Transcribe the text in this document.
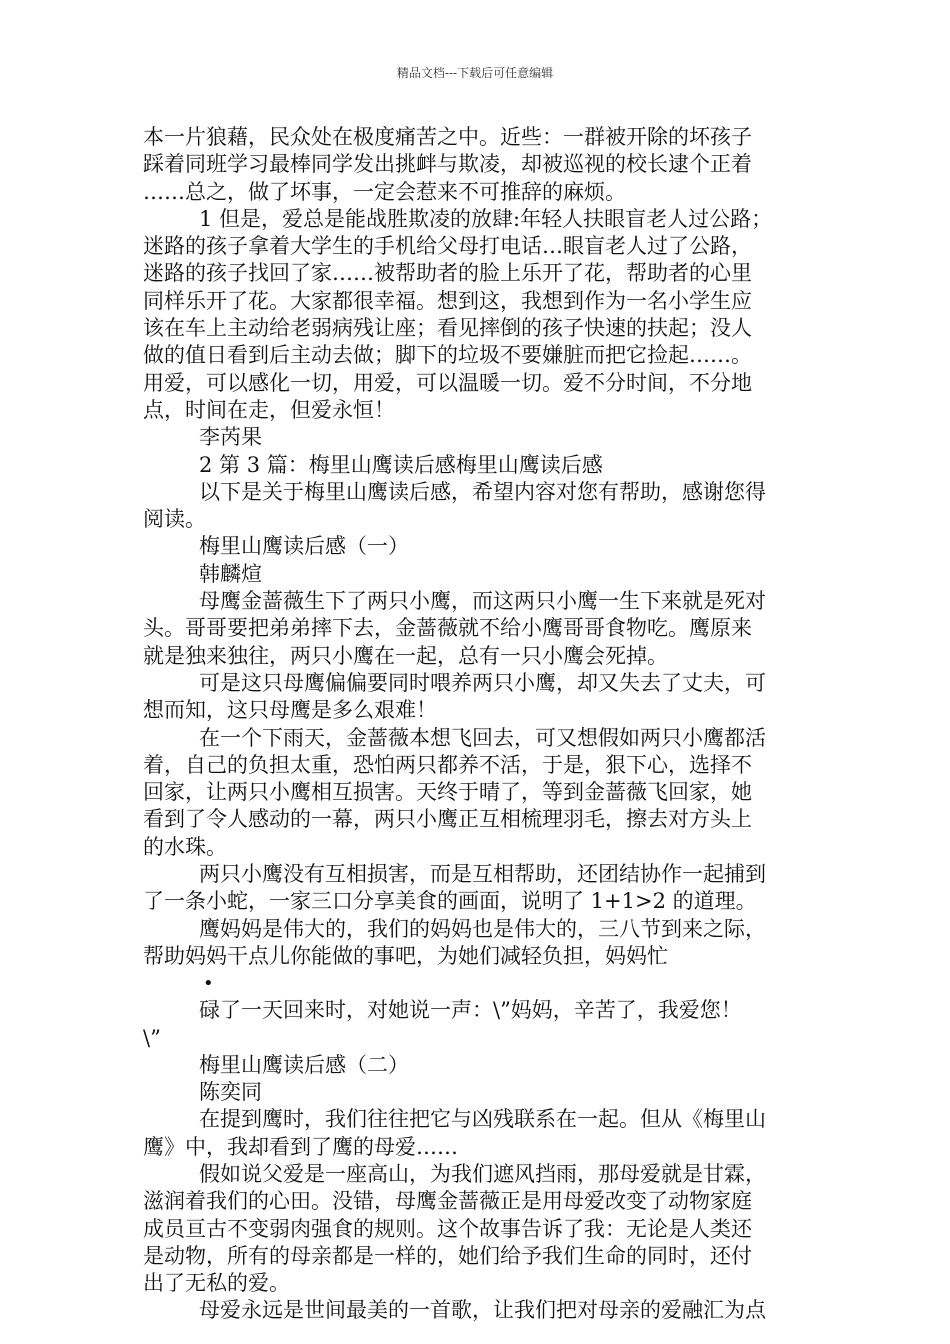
精品文档---下载后可任意编辑
本一片狼藉，民众处在极度痛苦之中。近些：一群被开除的坏孩子
踩着同班学习最棒同学发出挑衅与欺凌，却被巡视的校长逮个正着
……总之，做了坏事，一定会惹来不可推辞的麻烦。
1 但是，爱总是能战胜欺凌的放肆:年轻人扶眼盲老人过公路；
迷路的孩子拿着大学生的手机给父母打电话…眼盲老人过了公路，
迷路的孩子找回了家……被帮助者的脸上乐开了花，帮助者的心里
同样乐开了花。大家都很幸福。想到这，我想到作为一名小学生应
该在车上主动给老弱病残让座；看见摔倒的孩子快速的扶起；没人
做的值日看到后主动去做；脚下的垃圾不要嫌脏而把它捡起……。
用爱，可以感化一切，用爱，可以温暖一切。爱不分时间，不分地
点，时间在走，但爱永恒！
李芮果
2 第 3 篇：梅里山鹰读后感梅里山鹰读后感
以下是关于梅里山鹰读后感，希望内容对您有帮助，感谢您得
阅读。
梅里山鹰读后感（一）
韩麟煊
母鹰金蔷薇生下了两只小鹰，而这两只小鹰一生下来就是死对
头。哥哥要把弟弟摔下去，金蔷薇就不给小鹰哥哥食物吃。鹰原来
就是独来独往，两只小鹰在一起，总有一只小鹰会死掉。
可是这只母鹰偏偏要同时喂养两只小鹰，却又失去了丈夫，可
想而知，这只母鹰是多么艰难！
在一个下雨天，金蔷薇本想飞回去，可又想假如两只小鹰都活
着，自己的负担太重，恐怕两只都养不活，于是，狠下心，选择不
回家，让两只小鹰相互损害。天终于晴了，等到金蔷薇飞回家，她
看到了令人感动的一幕，两只小鹰正互相梳理羽毛，擦去对方头上
的水珠。
两只小鹰没有互相损害，而是互相帮助，还团结协作一起捕到
了一条小蛇，一家三口分享美食的画面，说明了 1+1>2 的道理。
鹰妈妈是伟大的，我们的妈妈也是伟大的，三八节到来之际，
帮助妈妈干点儿你能做的事吧，为她们减轻负担，妈妈忙
•
碌了一天回来时，对她说一声：\”妈妈，辛苦了，我爱您！
\”
梅里山鹰读后感（二）
陈奕同
在提到鹰时，我们往往把它与凶残联系在一起。但从《梅里山
鹰》中，我却看到了鹰的母爱……
假如说父爱是一座高山，为我们遮风挡雨，那母爱就是甘霖，
滋润着我们的心田。没错，母鹰金蔷薇正是用母爱改变了动物家庭
成员亘古不变弱肉强食的规则。这个故事告诉了我：无论是人类还
是动物，所有的母亲都是一样的，她们给予我们生命的同时，还付
出了无私的爱。
母爱永远是世间最美的一首歌，让我们把对母亲的爱融汇为点
